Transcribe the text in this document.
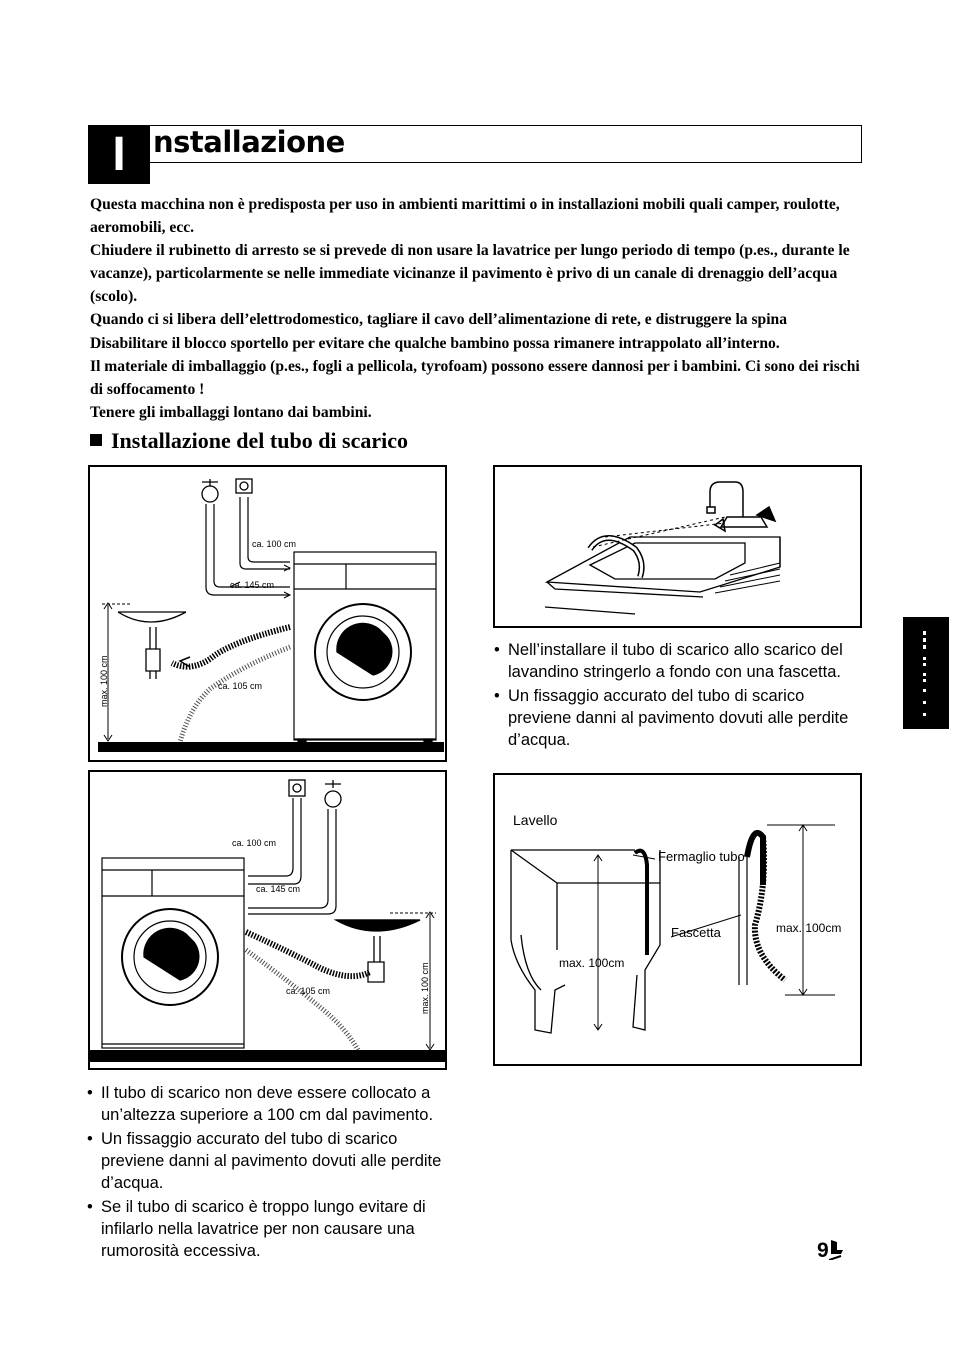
I nstallazione

Questa macchina non è predisposta per uso in ambienti marittimi o in installazioni mobili quali camper, roulotte, aeromobili, ecc.

Chiudere il rubinetto di arresto se si prevede di non usare la lavatrice per lungo periodo di tempo (p.es., durante le vacanze), particolarmente se nelle immediate vicinanze il pavimento è privo di un canale di drenaggio dell’acqua (scolo).

Quando ci si libera dell’elettrodomestico, tagliare il cavo dell’alimentazione di rete, e distruggere la spina

Disabilitare il blocco sportello per evitare che qualche bambino possa rimanere intrappolato all’interno.

Il materiale di imballaggio (p.es., fogli a pellicola, tyrofoam) possono essere dannosi per i bambini. Ci sono dei rischi di soffocamento !

Tenere gli imballaggi lontano dai bambini.

Installazione del tubo di scarico
ca. 100 cm
ca. 145 cm
ca. 105 cm
max. 100 cm
ca. 100 cm
ca. 145 cm
ca. 105 cm	max. 100 cm
• Nell’installare il tubo di scarico allo scarico del lavandino stringerlo a fondo con una fascetta.
• Un fissaggio accurato del tubo di scarico previene danni al pavimento dovuti alle perdite d’acqua.
Lavello
Fermaglio tubo
Fascetta
max. 100cm
max. 100cm
• Il tubo di scarico non deve essere collocato a un’altezza superiore a 100 cm dal pavimento.
• Un fissaggio accurato del tubo di scarico previene danni al pavimento dovuti alle perdite d’acqua.
• Se il tubo di scarico è troppo lungo evitare di infilarlo nella lavatrice per non causare una rumorosità eccessiva.	9
